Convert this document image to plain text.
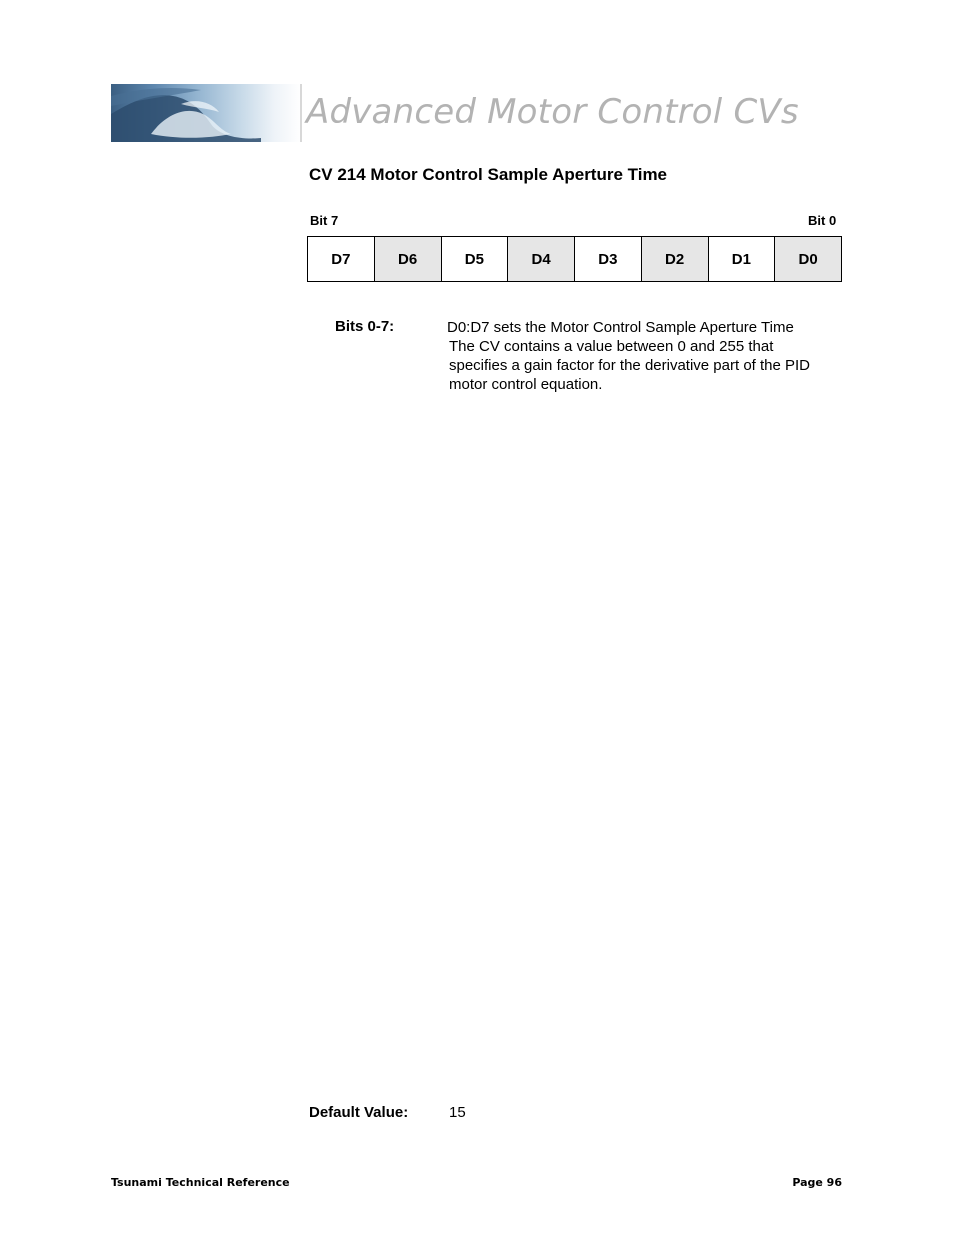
Advanced Motor Control CVs
CV 214 Motor Control Sample Aperture Time
Bit 7	Bit 0
D7	D6	D5	D4	D3	D2	D1	D0
Bits 0-7:	D0:D7 sets the Motor Control Sample Aperture Time
The CV contains a value between 0 and 255 that
specifies a gain factor for the derivative part of the PID
motor control equation.
Default Value:	15
Tsunami Technical Reference	Page 96
